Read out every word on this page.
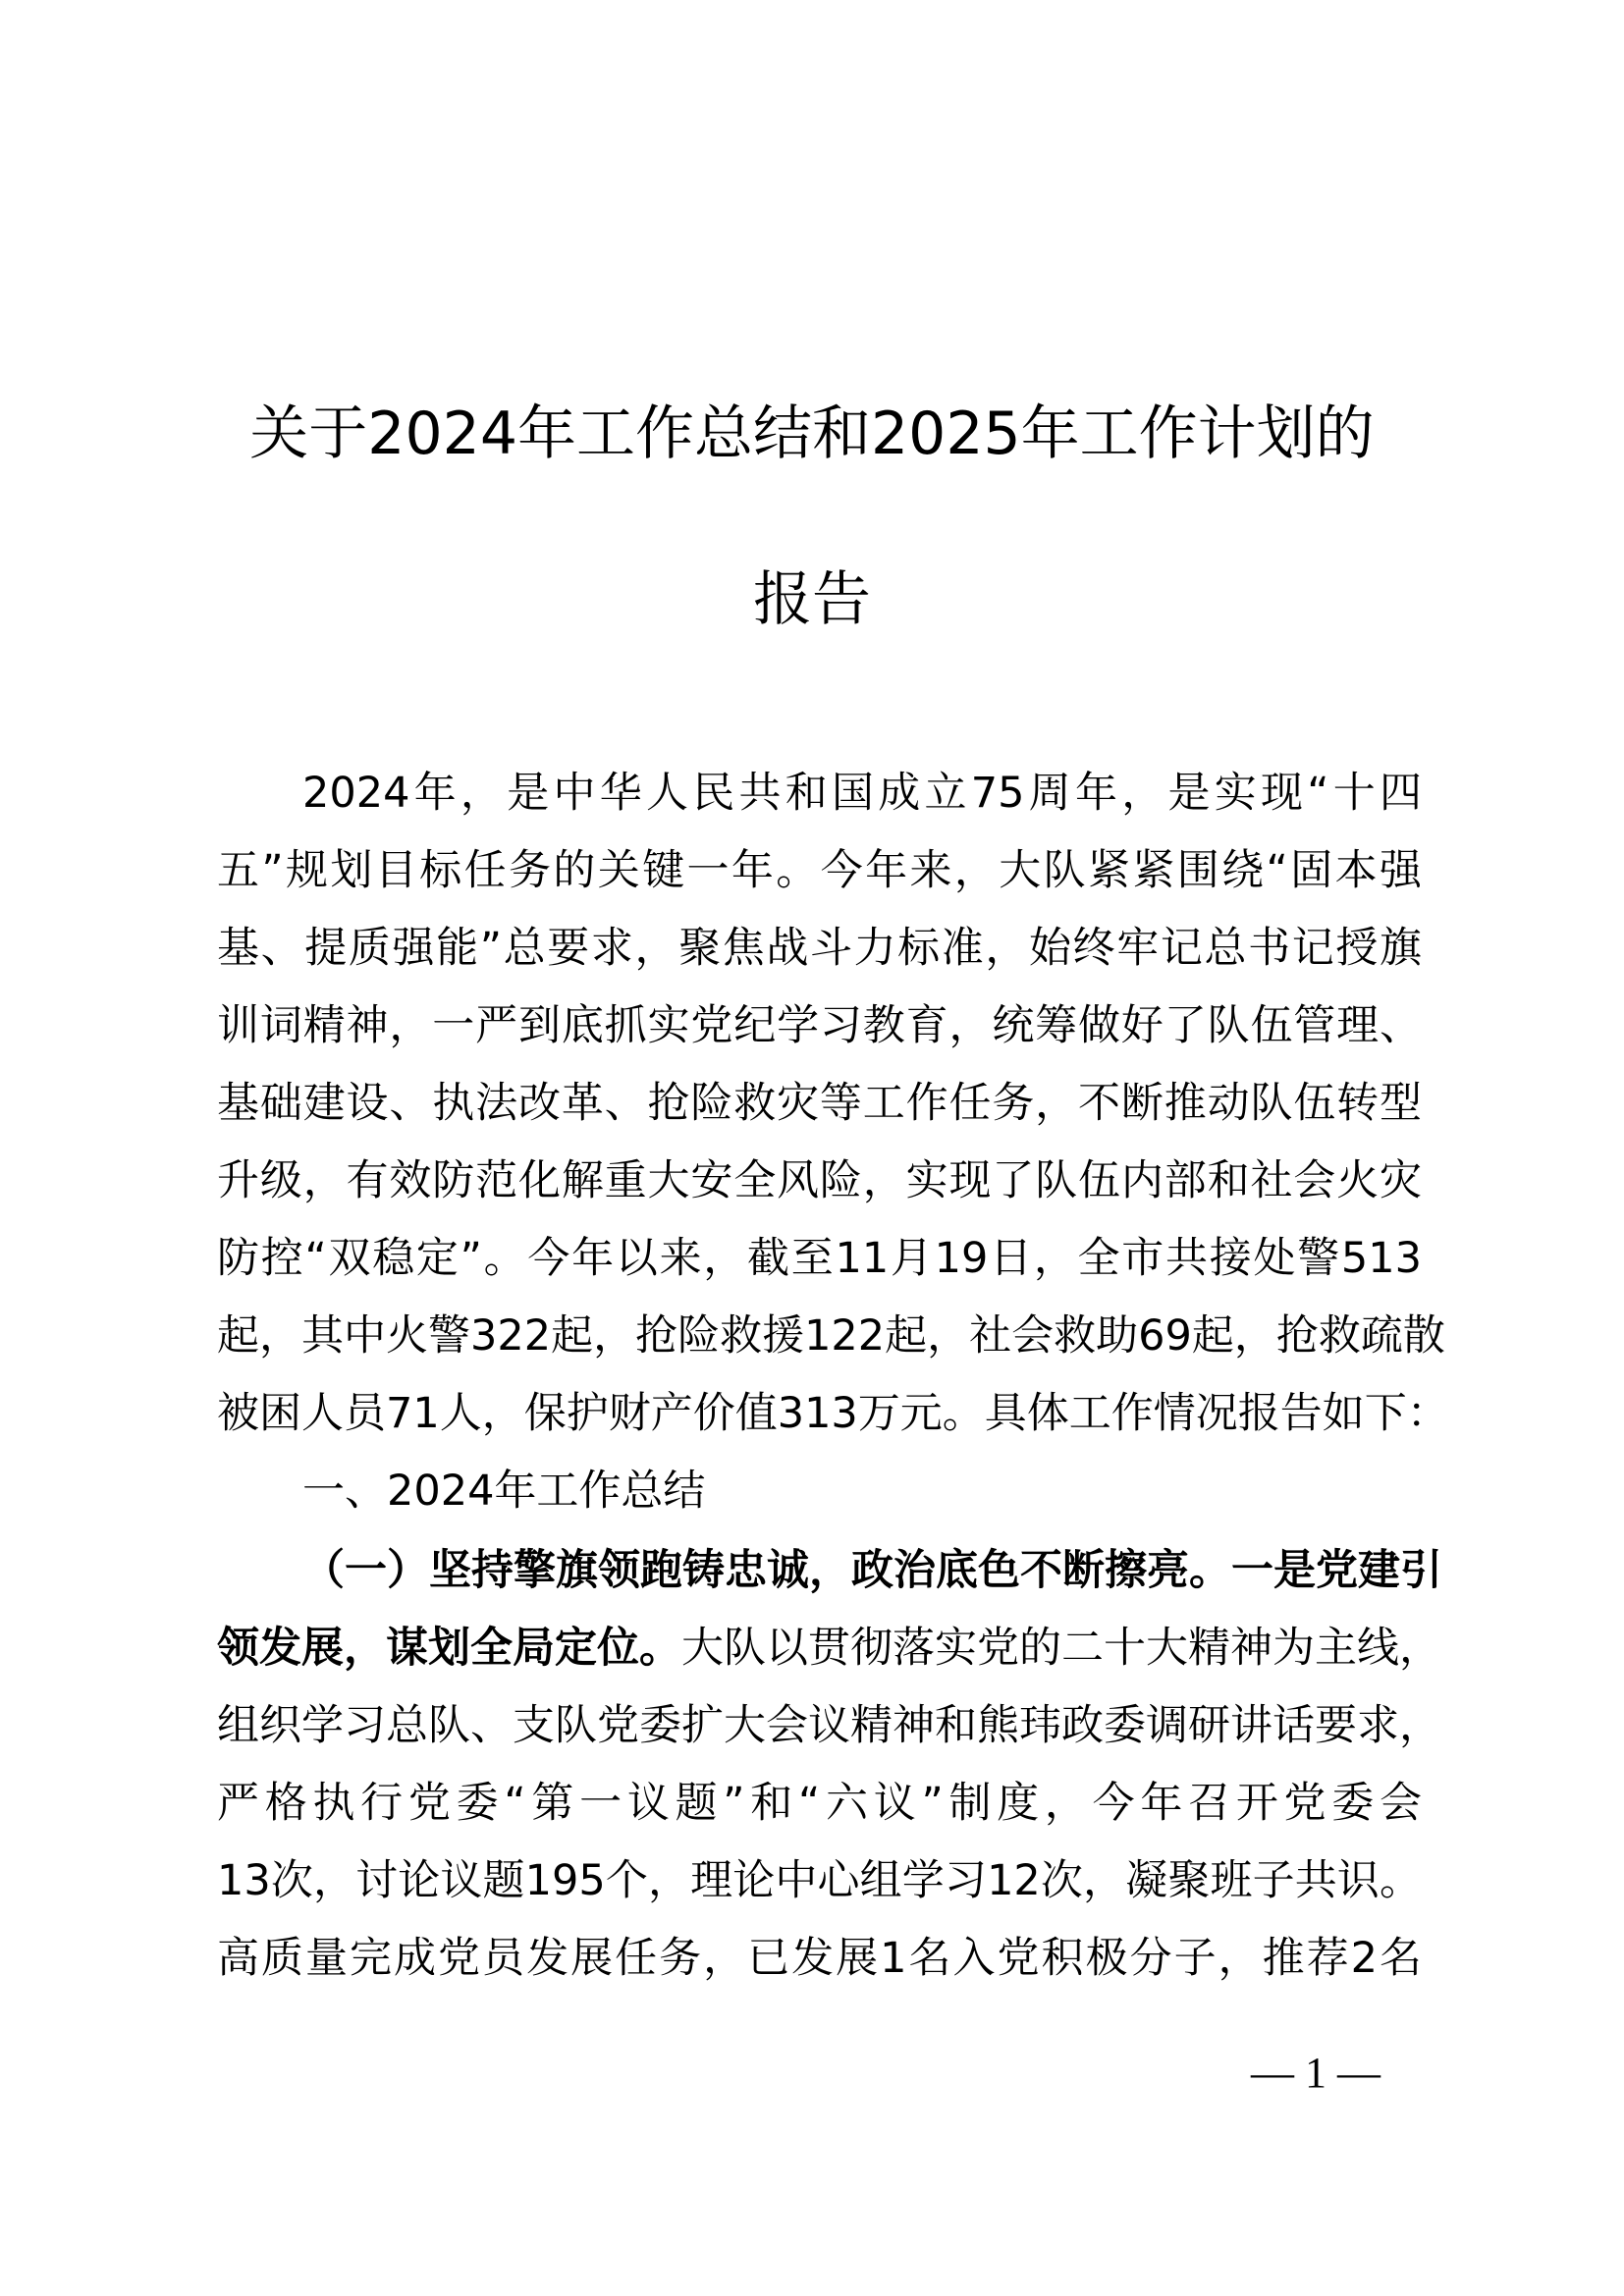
关于2024年工作总结和2025年工作计划的
报告
2024年，是中华人民共和国成立75周年，是实现“十四
五”规划目标任务的关键一年。今年来，大队紧紧围绕“固本强
基、提质强能”总要求，聚焦战斗力标准，始终牢记总书记授旗
训词精神，一严到底抓实党纪学习教育，统筹做好了队伍管理、
基础建设、执法改革、抢险救灾等工作任务，不断推动队伍转型
升级，有效防范化解重大安全风险，实现了队伍内部和社会火灾
防控“双稳定”。今年以来，截至11月19日，全市共接处警513
起，其中火警322起，抢险救援122起，社会救助69起，抢救疏散
被困人员71人，保护财产价值313万元。具体工作情况报告如下：
一、2024年工作总结
（一）坚持擎旗领跑铸忠诚，政治底色不断擦亮。一是党建引
领发展，谋划全局定位。大队以贯彻落实党的二十大精神为主线，
组织学习总队、支队党委扩大会议精神和熊玮政委调研讲话要求，
严格执行党委“第一议题”和“六议”制度，今年召开党委会
13次，讨论议题195个，理论中心组学习12次，凝聚班子共识。
高质量完成党员发展任务，已发展1名入党积极分子，推荐2名
— 1 —
